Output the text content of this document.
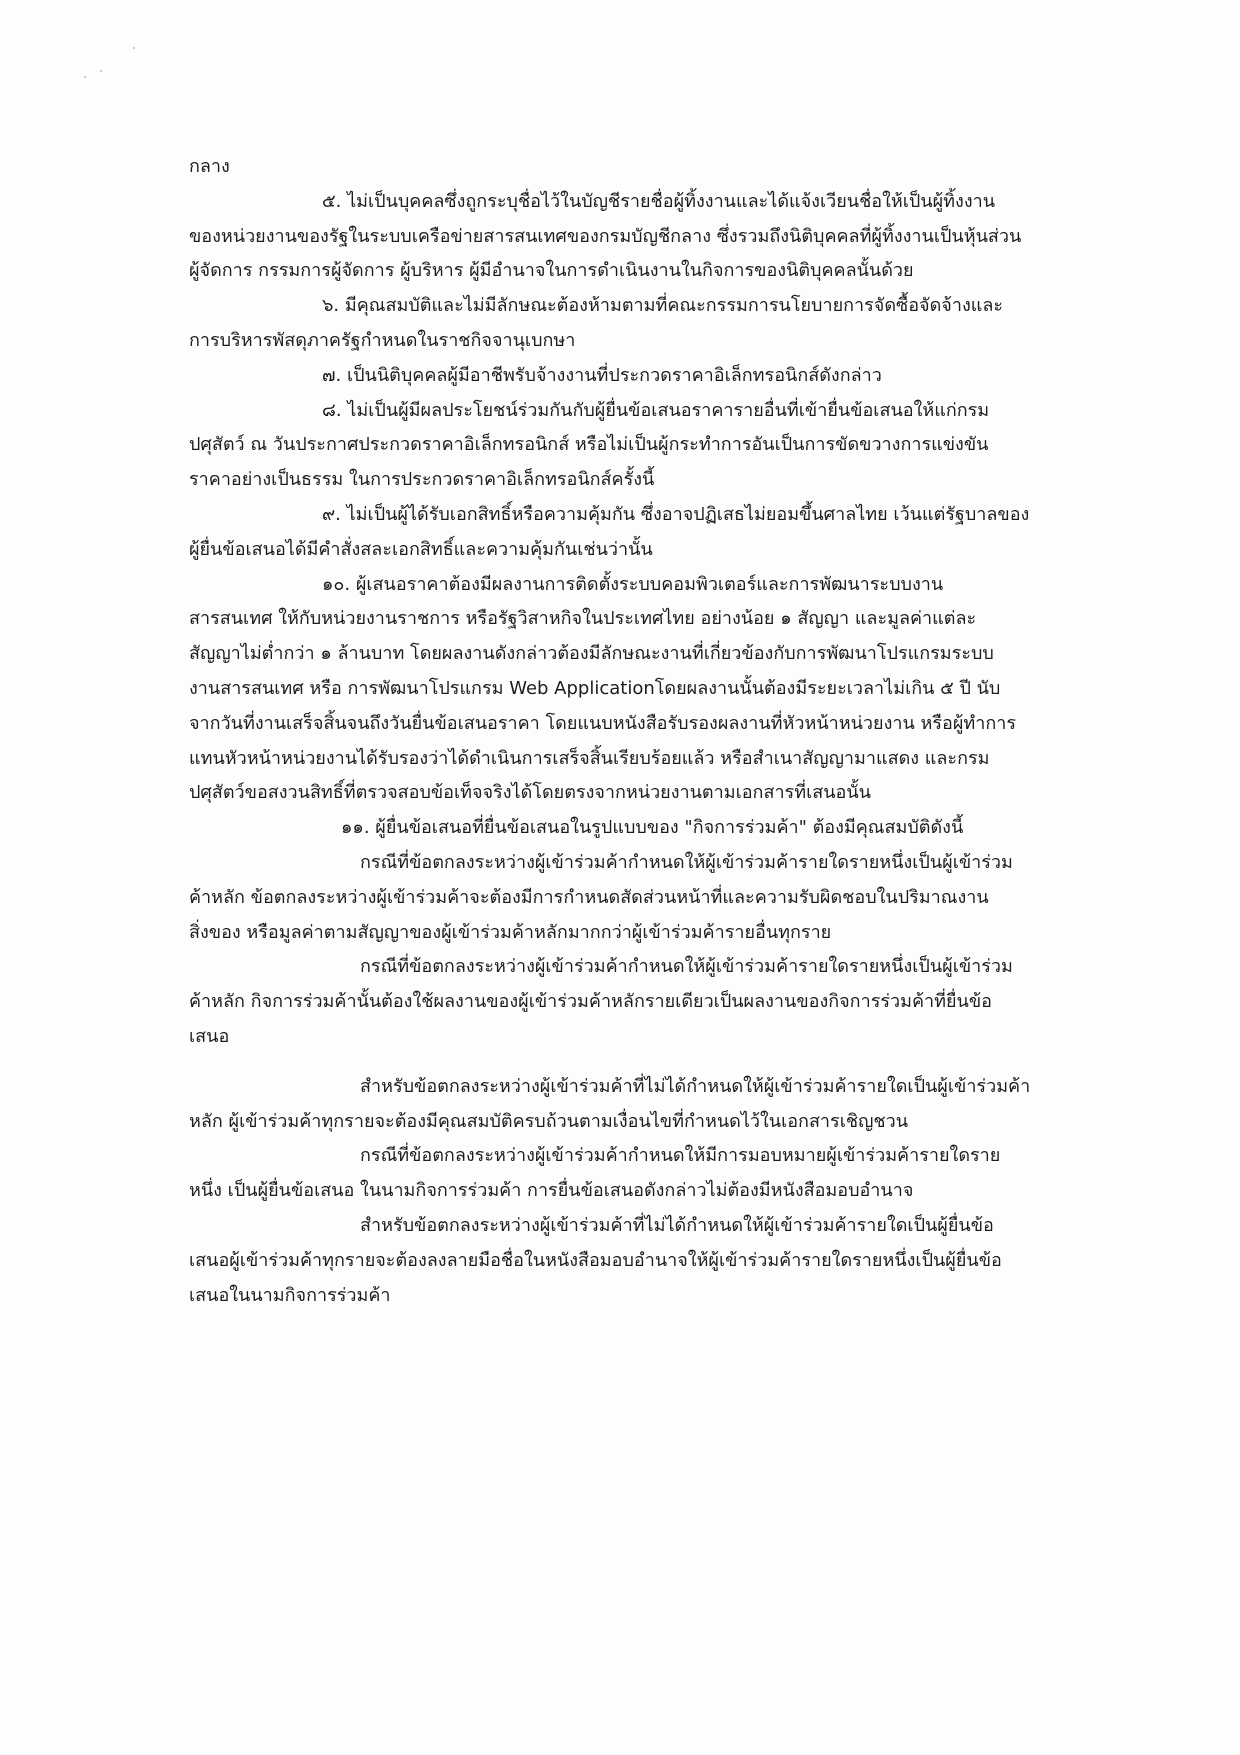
กลาง
๕. ไม่เป็นบุคคลซึ่งถูกระบุชื่อไว้ในบัญชีรายชื่อผู้ทิ้งงานและได้แจ้งเวียนชื่อให้เป็นผู้ทิ้งงาน
ของหน่วยงานของรัฐในระบบเครือข่ายสารสนเทศของกรมบัญชีกลาง ซึ่งรวมถึงนิติบุคคลที่ผู้ทิ้งงานเป็นหุ้นส่วน
ผู้จัดการ กรรมการผู้จัดการ ผู้บริหาร ผู้มีอำนาจในการดำเนินงานในกิจการของนิติบุคคลนั้นด้วย
๖. มีคุณสมบัติและไม่มีลักษณะต้องห้ามตามที่คณะกรรมการนโยบายการจัดซื้อจัดจ้างและ
การบริหารพัสดุภาครัฐกำหนดในราชกิจจานุเบกษา
๗. เป็นนิติบุคคลผู้มีอาชีพรับจ้างงานที่ประกวดราคาอิเล็กทรอนิกส์ดังกล่าว
๘. ไม่เป็นผู้มีผลประโยชน์ร่วมกันกับผู้ยื่นข้อเสนอราคารายอื่นที่เข้ายื่นข้อเสนอให้แก่กรม
ปศุสัตว์ ณ วันประกาศประกวดราคาอิเล็กทรอนิกส์ หรือไม่เป็นผู้กระทำการอันเป็นการขัดขวางการแข่งขัน
ราคาอย่างเป็นธรรม ในการประกวดราคาอิเล็กทรอนิกส์ครั้งนี้
๙. ไม่เป็นผู้ได้รับเอกสิทธิ์หรือความคุ้มกัน ซึ่งอาจปฏิเสธไม่ยอมขึ้นศาลไทย เว้นแต่รัฐบาลของ
ผู้ยื่นข้อเสนอได้มีคำสั่งสละเอกสิทธิ์และความคุ้มกันเช่นว่านั้น
๑๐. ผู้เสนอราคาต้องมีผลงานการติดตั้งระบบคอมพิวเตอร์และการพัฒนาระบบงาน
สารสนเทศ ให้กับหน่วยงานราชการ หรือรัฐวิสาหกิจในประเทศไทย อย่างน้อย ๑ สัญญา และมูลค่าแต่ละ
สัญญาไม่ต่ำกว่า ๑ ล้านบาท โดยผลงานดังกล่าวต้องมีลักษณะงานที่เกี่ยวข้องกับการพัฒนาโปรแกรมระบบ
งานสารสนเทศ หรือ การพัฒนาโปรแกรม Web Applicationโดยผลงานนั้นต้องมีระยะเวลาไม่เกิน ๕ ปี นับ
จากวันที่งานเสร็จสิ้นจนถึงวันยื่นข้อเสนอราคา โดยแนบหนังสือรับรองผลงานที่หัวหน้าหน่วยงาน หรือผู้ทำการ
แทนหัวหน้าหน่วยงานได้รับรองว่าได้ดำเนินการเสร็จสิ้นเรียบร้อยแล้ว หรือสำเนาสัญญามาแสดง และกรม
ปศุสัตว์ขอสงวนสิทธิ์ที่ตรวจสอบข้อเท็จจริงได้โดยตรงจากหน่วยงานตามเอกสารที่เสนอนั้น
๑๑. ผู้ยื่นข้อเสนอที่ยื่นข้อเสนอในรูปแบบของ "กิจการร่วมค้า" ต้องมีคุณสมบัติดังนี้
กรณีที่ข้อตกลงระหว่างผู้เข้าร่วมค้ากำหนดให้ผู้เข้าร่วมค้ารายใดรายหนึ่งเป็นผู้เข้าร่วม
ค้าหลัก ข้อตกลงระหว่างผู้เข้าร่วมค้าจะต้องมีการกำหนดสัดส่วนหน้าที่และความรับผิดชอบในปริมาณงาน
สิ่งของ หรือมูลค่าตามสัญญาของผู้เข้าร่วมค้าหลักมากกว่าผู้เข้าร่วมค้ารายอื่นทุกราย
กรณีที่ข้อตกลงระหว่างผู้เข้าร่วมค้ากำหนดให้ผู้เข้าร่วมค้ารายใดรายหนึ่งเป็นผู้เข้าร่วม
ค้าหลัก กิจการร่วมค้านั้นต้องใช้ผลงานของผู้เข้าร่วมค้าหลักรายเดียวเป็นผลงานของกิจการร่วมค้าที่ยื่นข้อ
เสนอ
สำหรับข้อตกลงระหว่างผู้เข้าร่วมค้าที่ไม่ได้กำหนดให้ผู้เข้าร่วมค้ารายใดเป็นผู้เข้าร่วมค้า
หลัก ผู้เข้าร่วมค้าทุกรายจะต้องมีคุณสมบัติครบถ้วนตามเงื่อนไขที่กำหนดไว้ในเอกสารเชิญชวน
กรณีที่ข้อตกลงระหว่างผู้เข้าร่วมค้ากำหนดให้มีการมอบหมายผู้เข้าร่วมค้ารายใดราย
หนึ่ง เป็นผู้ยื่นข้อเสนอ ในนามกิจการร่วมค้า การยื่นข้อเสนอดังกล่าวไม่ต้องมีหนังสือมอบอำนาจ
สำหรับข้อตกลงระหว่างผู้เข้าร่วมค้าที่ไม่ได้กำหนดให้ผู้เข้าร่วมค้ารายใดเป็นผู้ยื่นข้อ
เสนอผู้เข้าร่วมค้าทุกรายจะต้องลงลายมือชื่อในหนังสือมอบอำนาจให้ผู้เข้าร่วมค้ารายใดรายหนึ่งเป็นผู้ยื่นข้อ
เสนอในนามกิจการร่วมค้า
